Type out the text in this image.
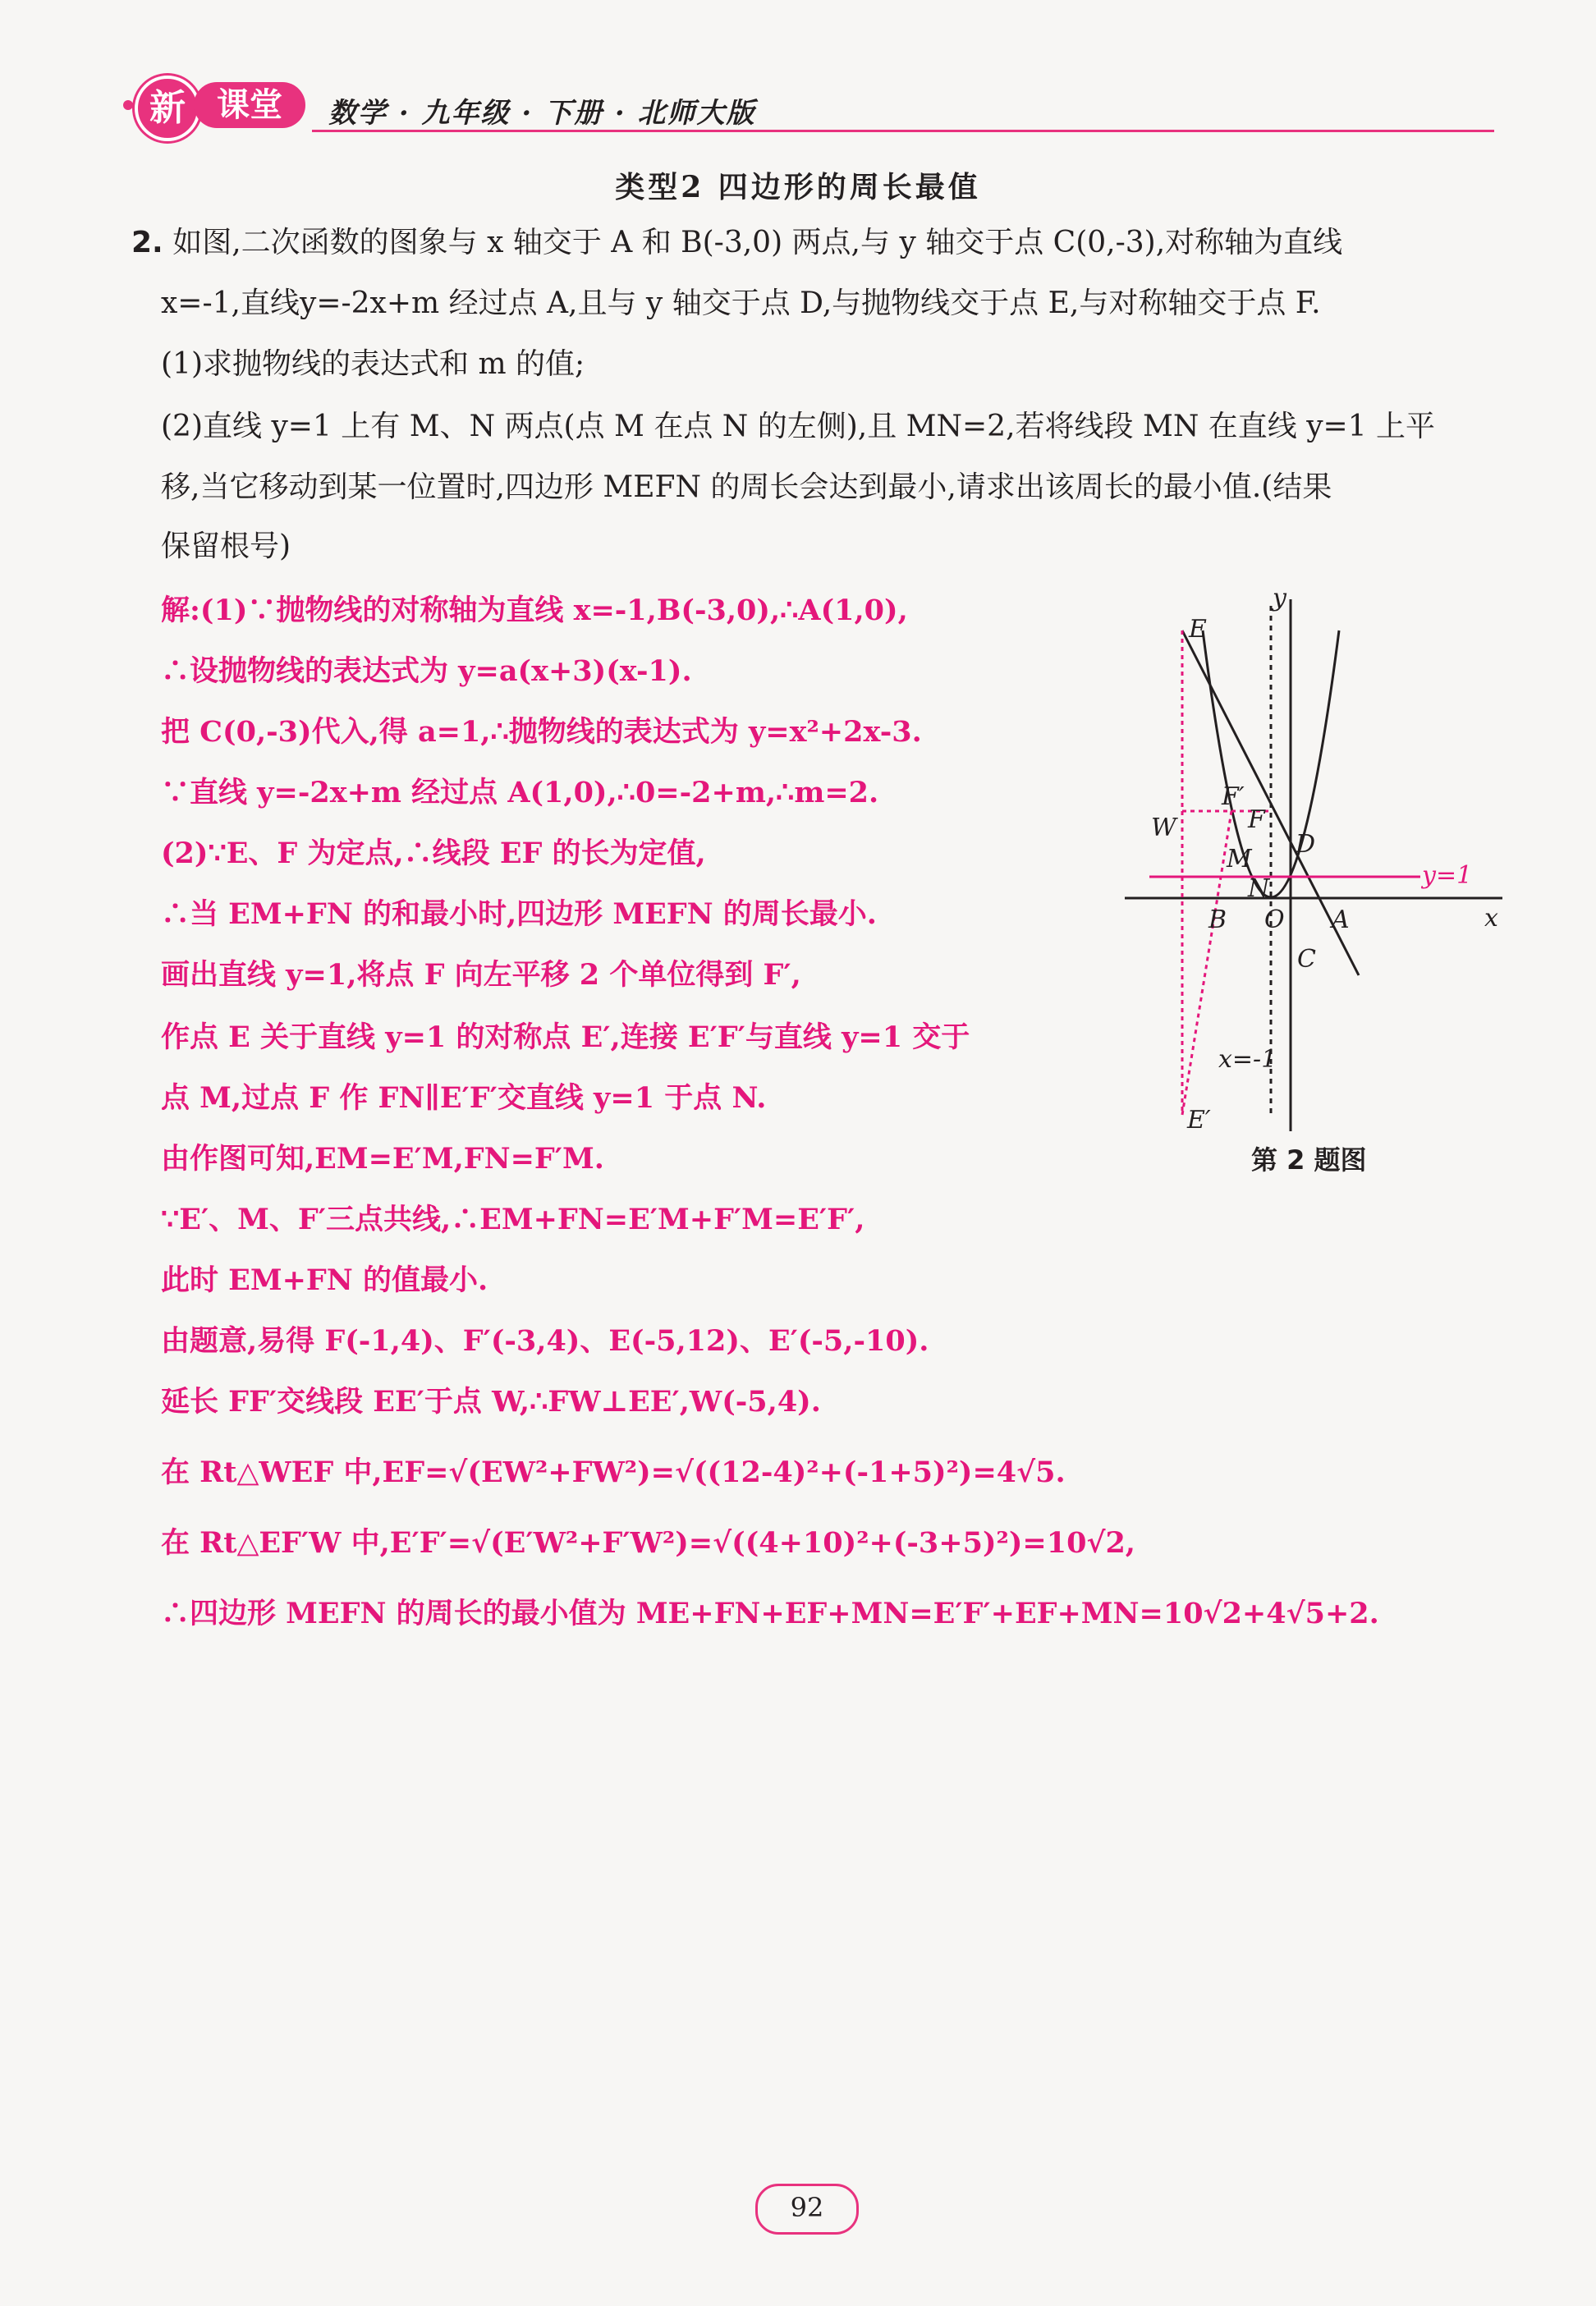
新 课堂	数学 · 九年级 · 下册 · 北师大版
类型2 四边形的周长最值
2. 如图,二次函数的图象与 x 轴交于 A 和 B(-3,0) 两点,与 y 轴交于点 C(0,-3),对称轴为直线
x=-1,直线y=-2x+m 经过点 A,且与 y 轴交于点 D,与抛物线交于点 E,与对称轴交于点 F.
(1)求抛物线的表达式和 m 的值;
(2)直线 y=1 上有 M、N 两点(点 M 在点 N 的左侧),且 MN=2,若将线段 MN 在直线 y=1 上平
移,当它移动到某一位置时,四边形 MEFN 的周长会达到最小,请求出该周长的最小值.(结果
保留根号)
解:(1)∵抛物线的对称轴为直线 x=-1,B(-3,0),∴A(1,0),
∴设抛物线的表达式为 y=a(x+3)(x-1).
把 C(0,-3)代入,得 a=1,∴抛物线的表达式为 y=x²+2x-3.
∵直线 y=-2x+m 经过点 A(1,0),∴0=-2+m,∴m=2.
(2)∵E、F 为定点,∴线段 EF 的长为定值,
∴当 EM+FN 的和最小时,四边形 MEFN 的周长最小.
画出直线 y=1,将点 F 向左平移 2 个单位得到 F′,
作点 E 关于直线 y=1 的对称点 E′,连接 E′F′与直线 y=1 交于
点 M,过点 F 作 FN∥E′F′交直线 y=1 于点 N.
由作图可知,EM=E′M,FN=F′M.
∵E′、M、F′三点共线,∴EM+FN=E′M+F′M=E′F′,
此时 EM+FN 的值最小.
由题意,易得 F(-1,4)、F′(-3,4)、E(-5,12)、E′(-5,-10).
延长 FF′交线段 EE′于点 W,∴FW⊥EE′,W(-5,4).
在 Rt△WEF 中,EF=√(EW²+FW²)=√((12-4)²+(-1+5)²)=4√5.
在 Rt△EF′W 中,E′F′=√(E′W²+F′W²)=√((4+10)²+(-3+5)²)=10√2,
∴四边形 MEFN 的周长的最小值为 ME+FN+EF+MN=E′F′+EF+MN=10√2+4√5+2.
E
F
F′
W
M
N
D
B O A
C
E′
x
y
x=-1
y=1
第 2 题图
92
